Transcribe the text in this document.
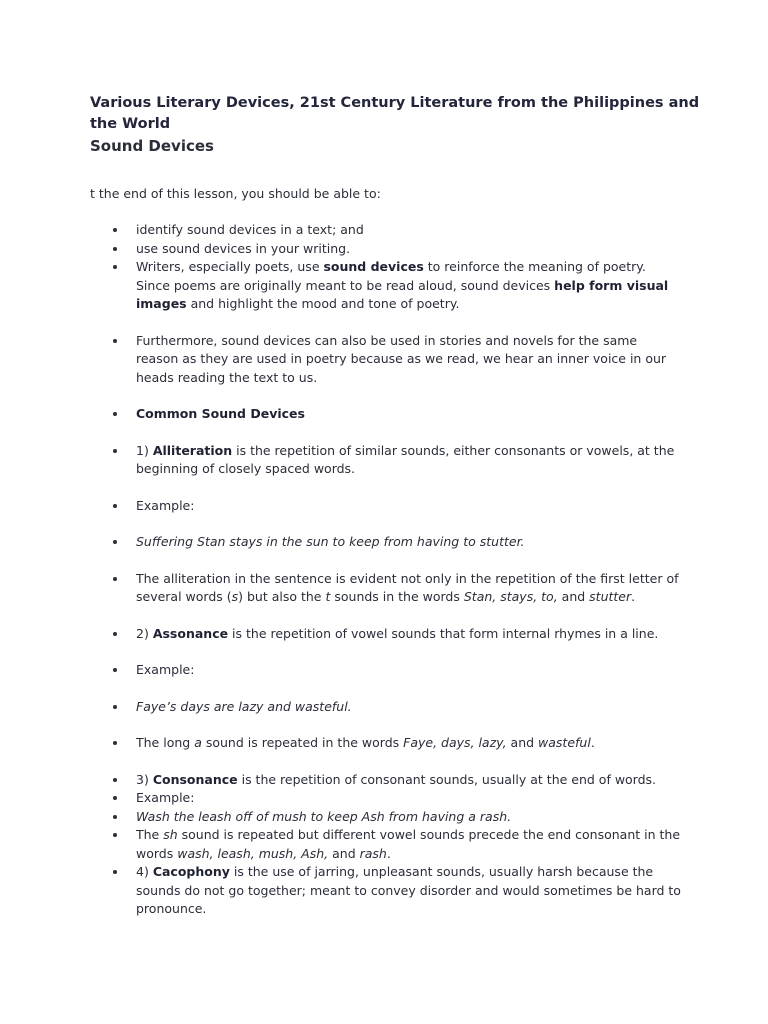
Various Literary Devices, 21st Century Literature from the Philippines and the World
Sound Devices

t the end of this lesson, you should be able to:

identify sound devices in a text; and
use sound devices in your writing.
Writers, especially poets, use sound devices to reinforce the meaning of poetry. Since poems are originally meant to be read aloud, sound devices help form visual images and highlight the mood and tone of poetry.
Furthermore, sound devices can also be used in stories and novels for the same reason as they are used in poetry because as we read, we hear an inner voice in our heads reading the text to us.
Common Sound Devices
1) Alliteration is the repetition of similar sounds, either consonants or vowels, at the beginning of closely spaced words.
Example:
Suffering Stan stays in the sun to keep from having to stutter.
The alliteration in the sentence is evident not only in the repetition of the first letter of several words (s) but also the t sounds in the words Stan, stays, to, and stutter.
2) Assonance is the repetition of vowel sounds that form internal rhymes in a line.
Example:
Faye’s days are lazy and wasteful.
The long a sound is repeated in the words Faye, days, lazy, and wasteful.
3) Consonance is the repetition of consonant sounds, usually at the end of words.
Example:
Wash the leash off of mush to keep Ash from having a rash.
The sh sound is repeated but different vowel sounds precede the end consonant in the words wash, leash, mush, Ash, and rash.
4) Cacophony is the use of jarring, unpleasant sounds, usually harsh because the sounds do not go together; meant to convey disorder and would sometimes be hard to pronounce.
